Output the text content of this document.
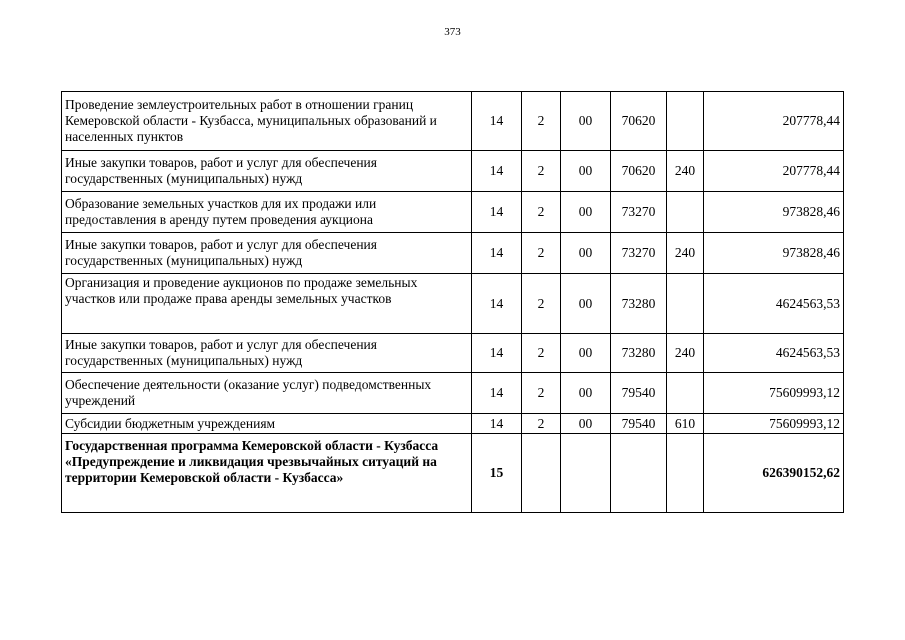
373
Проведение землеустроительных работ в отношении границ Кемеровской области - Кузбасса, муниципальных образований и населенных пунктов	14	2	00	70620		207778,44
Иные закупки товаров, работ и услуг для обеспечения государственных (муниципальных) нужд	14	2	00	70620	240	207778,44
Образование земельных участков для их продажи или предоставления в аренду путем проведения аукциона	14	2	00	73270		973828,46
Иные закупки товаров, работ и услуг для обеспечения государственных (муниципальных) нужд	14	2	00	73270	240	973828,46
Организация и проведение аукционов по продаже земельных участков или продаже права аренды земельных участков	14	2	00	73280		4624563,53
Иные закупки товаров, работ и услуг для обеспечения государственных (муниципальных) нужд	14	2	00	73280	240	4624563,53
Обеспечение деятельности (оказание услуг) подведомственных учреждений	14	2	00	79540		75609993,12
Субсидии бюджетным учреждениям	14	2	00	79540	610	75609993,12
Государственная программа Кемеровской области - Кузбасса «Предупреждение и ликвидация чрезвычайных ситуаций на территории Кемеровской области - Кузбасса»	15					626390152,62
